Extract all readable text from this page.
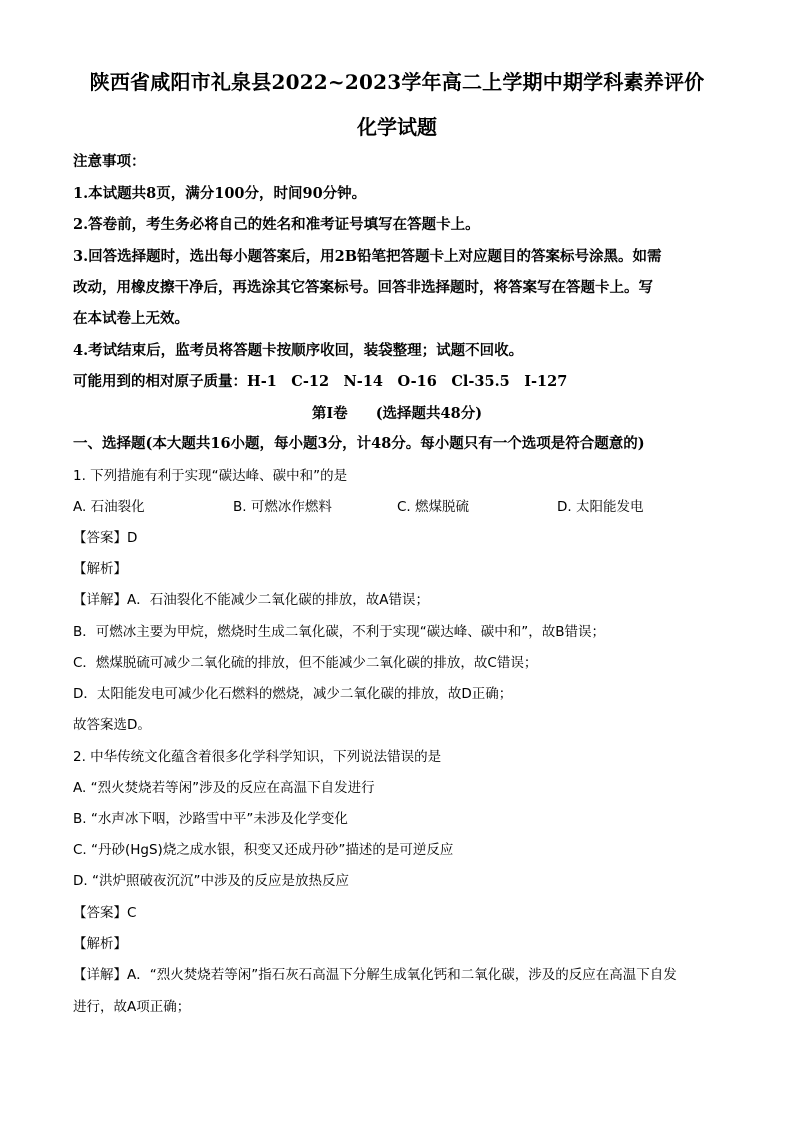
陕西省咸阳市礼泉县2022~2023学年高二上学期中期学科素养评价
化学试题
注意事项：
1.本试题共8页，满分100分，时间90分钟。
2.答卷前，考生务必将自己的姓名和准考证号填写在答题卡上。
3.回答选择题时，选出每小题答案后，用2B铅笔把答题卡上对应题目的答案标号涂黑。如需
改动，用橡皮擦干净后，再选涂其它答案标号。回答非选择题时，将答案写在答题卡上。写
在本试卷上无效。
4.考试结束后，监考员将答题卡按顺序收回，装袋整理；试题不回收。
可能用到的相对原子质量：H-1　C-12　N-14　O-16　Cl-35.5　I-127
第Ⅰ卷 (选择题共48分)
一、选择题(本大题共16小题，每小题3分，计48分。每小题只有一个选项是符合题意的)
1. 下列措施有利于实现“碳达峰、碳中和”的是
A. 石油裂化	B. 可燃冰作燃料	C. 燃煤脱硫	D. 太阳能发电
【答案】D
【解析】
【详解】A．石油裂化不能减少二氧化碳的排放，故A错误；
B．可燃冰主要为甲烷，燃烧时生成二氧化碳，不利于实现“碳达峰、碳中和”，故B错误；
C．燃煤脱硫可减少二氧化硫的排放，但不能减少二氧化碳的排放，故C错误；
D．太阳能发电可减少化石燃料的燃烧，减少二氧化碳的排放，故D正确；
故答案选D。
2. 中华传统文化蕴含着很多化学科学知识，下列说法错误的是
A. “烈火焚烧若等闲”涉及的反应在高温下自发进行
B. “水声冰下咽，沙路雪中平”未涉及化学变化
C. “丹砂(HgS)烧之成水银，积变又还成丹砂”描述的是可逆反应
D. “洪炉照破夜沉沉”中涉及的反应是放热反应
【答案】C
【解析】
【详解】A．“烈火焚烧若等闲”指石灰石高温下分解生成氧化钙和二氧化碳，涉及的反应在高温下自发
进行，故A项正确；
